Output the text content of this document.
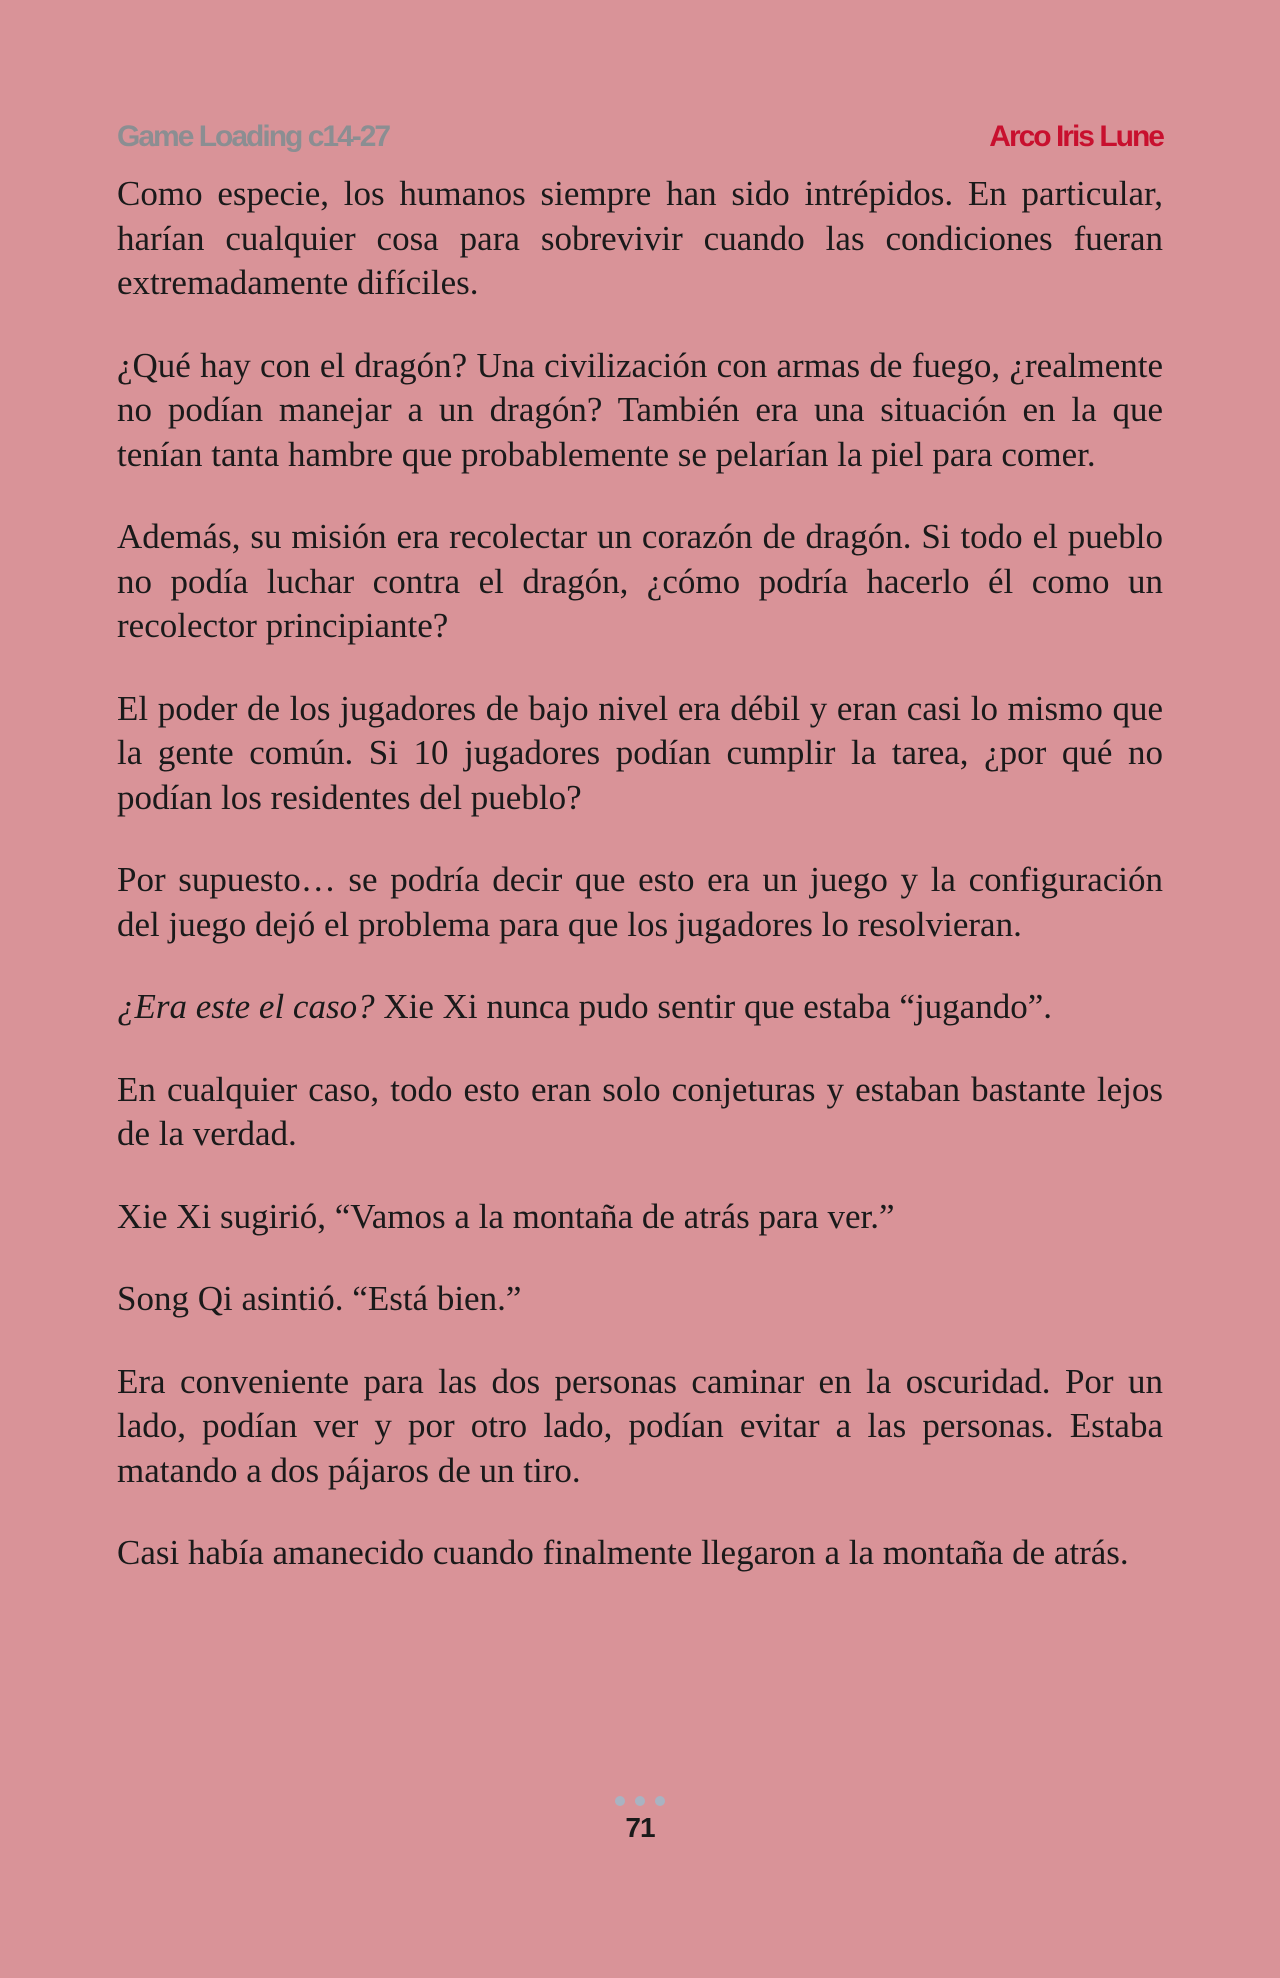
Game Loading c14-27	Arco Iris Lune

Como especie, los humanos siempre han sido intrépidos. En particular, harían cualquier cosa para sobrevivir cuando las condiciones fueran extremadamente difíciles.

¿Qué hay con el dragón? Una civilización con armas de fuego, ¿realmente no podían manejar a un dragón? También era una situación en la que tenían tanta hambre que probablemente se pelarían la piel para comer.

Además, su misión era recolectar un corazón de dragón. Si todo el pueblo no podía luchar contra el dragón, ¿cómo podría hacerlo él como un recolector principiante?

El poder de los jugadores de bajo nivel era débil y eran casi lo mismo que la gente común. Si 10 jugadores podían cumplir la tarea, ¿por qué no podían los residentes del pueblo?

Por supuesto… se podría decir que esto era un juego y la configuración del juego dejó el problema para que los jugadores lo resolvieran.

¿Era este el caso? Xie Xi nunca pudo sentir que estaba “jugando”.

En cualquier caso, todo esto eran solo conjeturas y estaban bastante lejos de la verdad.

Xie Xi sugirió, “Vamos a la montaña de atrás para ver.”

Song Qi asintió. “Está bien.”

Era conveniente para las dos personas caminar en la oscuridad. Por un lado, podían ver y por otro lado, podían evitar a las personas. Estaba matando a dos pájaros de un tiro.

Casi había amanecido cuando finalmente llegaron a la montaña de atrás.

71
